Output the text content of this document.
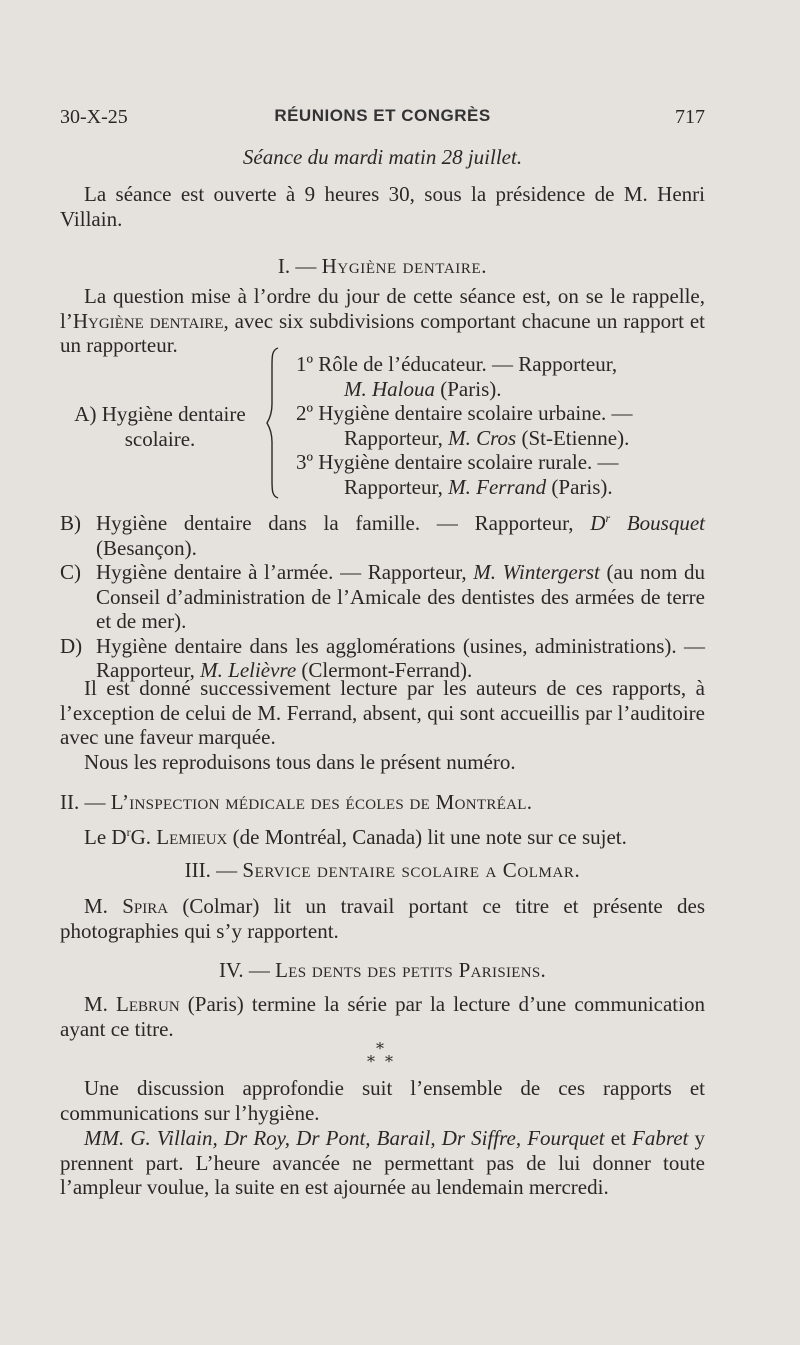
30-X-25	RÉUNIONS ET CONGRÈS	717

Séance du mardi matin 28 juillet.

La séance est ouverte à 9 heures 30, sous la présidence de M. Henri Villain.

I. — Hygiène dentaire.

La question mise à l’ordre du jour de cette séance est, on se le rappelle, l’Hygiène dentaire, avec six subdivisions comportant chacune un rapport et un rapporteur.

A) Hygiène dentaire
scolaire.
1º Rôle de l’éducateur. — Rapporteur,
M. Haloua (Paris).
2º Hygiène dentaire scolaire urbaine. —
Rapporteur, M. Cros (St-Etienne).
3º Hygiène dentaire scolaire rurale. —
Rapporteur, M. Ferrand (Paris).
B) Hygiène dentaire dans la famille. — Rapporteur, $D^r$ Bousquet (Besançon).
C) Hygiène dentaire à l’armée. — Rapporteur, M. Wintergerst (au nom du Conseil d’administration de l’Amicale des dentistes des armées de terre et de mer).
D) Hygiène dentaire dans les agglomérations (usines, administrations). — Rapporteur, M. Lelièvre (Clermont-Ferrand).

Il est donné successivement lecture par les auteurs de ces rapports, à l’exception de celui de M. Ferrand, absent, qui sont accueillis par l’auditoire avec une faveur marquée.

Nous les reproduisons tous dans le présent numéro.

II. — L’inspection médicale des écoles de Montréal.

Le $D^rG$. Lemieux (de Montréal, Canada) lit une note sur ce sujet.

III. — Service dentaire scolaire a Colmar.

M. Spira (Colmar) lit un travail portant ce titre et présente des photographies qui s’y rapportent.

IV. — Les dents des petits Parisiens.

M. Lebrun (Paris) termine la série par la lecture d’une communication ayant ce titre.

*
* *

Une discussion approfondie suit l’ensemble de ces rapports et communications sur l’hygiène.

MM. G. Villain, Dr Roy, Dr Pont, Barail, Dr Siffre, Fourquet et Fabret y prennent part. L’heure avancée ne permettant pas de lui donner toute l’ampleur voulue, la suite en est ajournée au lendemain mercredi.
